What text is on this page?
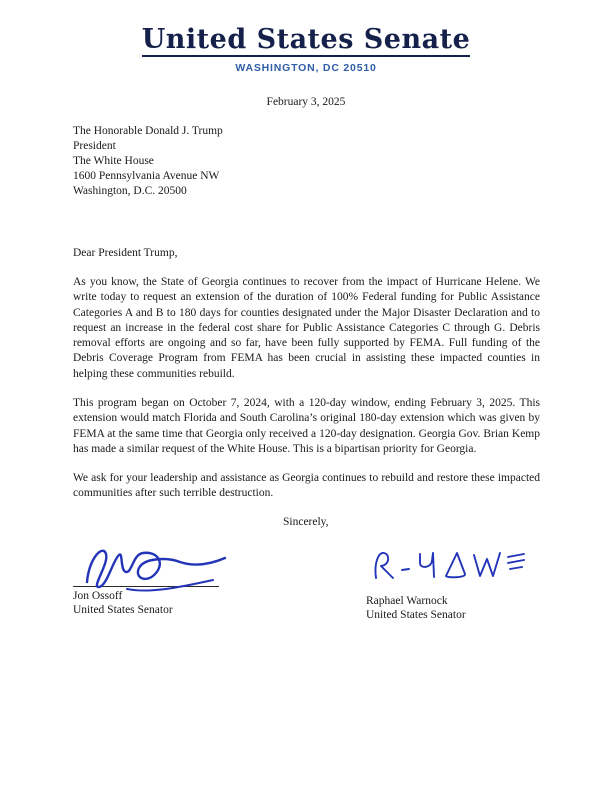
United States Senate
WASHINGTON, DC 20510
February 3, 2025
The Honorable Donald J. Trump
President
The White House
1600 Pennsylvania Avenue NW
Washington, D.C. 20500
Dear President Trump,

As you know, the State of Georgia continues to recover from the impact of Hurricane Helene. We write today to request an extension of the duration of 100% Federal funding for Public Assistance Categories A and B to 180 days for counties designated under the Major Disaster Declaration and to request an increase in the federal cost share for Public Assistance Categories C through G. Debris removal efforts are ongoing and so far, have been fully supported by FEMA. Full funding of the Debris Coverage Program from FEMA has been crucial in assisting these impacted counties in helping these communities rebuild.

This program began on October 7, 2024, with a 120-day window, ending February 3, 2025. This extension would match Florida and South Carolina’s original 180-day extension which was given by FEMA at the same time that Georgia only received a 120-day designation. Georgia Gov. Brian Kemp has made a similar request of the White House. This is a bipartisan priority for Georgia.

We ask for your leadership and assistance as Georgia continues to rebuild and restore these impacted communities after such terrible destruction.

Sincerely,
Jon Ossoff
United States Senator
Raphael Warnock
United States Senator
